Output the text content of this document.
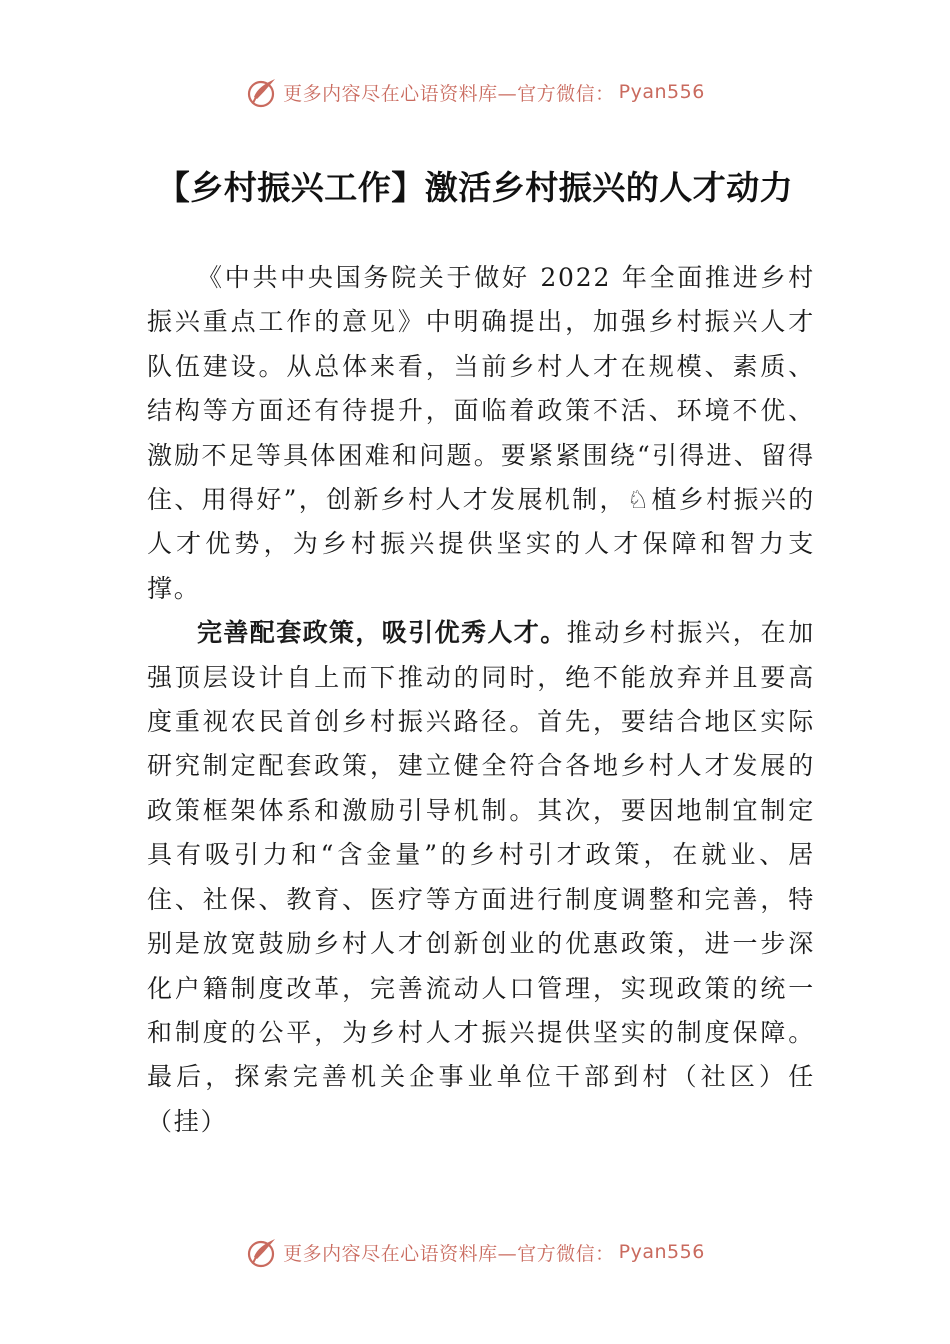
更多内容尽在心语资料库—官方微信： Pyan556
【乡村振兴工作】激活乡村振兴的人才动力

《中共中央国务院关于做好 2022 年全面推进乡村振兴重点工作的意见》中明确提出，加强乡村振兴人才队伍建设。从总体来看，当前乡村人才在规模、素质、结构等方面还有待提升，面临着政策不活、环境不优、激励不足等具体困难和问题。要紧紧围绕“引得进、留得住、用得好”，创新乡村人才发展机制，♘植乡村振兴的人才优势，为乡村振兴提供坚实的人才保障和智力支撑。

完善配套政策，吸引优秀人才。推动乡村振兴，在加强顶层设计自上而下推动的同时，绝不能放弃并且要高度重视农民首创乡村振兴路径。首先，要结合地区实际研究制定配套政策，建立健全符合各地乡村人才发展的政策框架体系和激励引导机制。其次，要因地制宜制定具有吸引力和“含金量”的乡村引才政策，在就业、居住、社保、教育、医疗等方面进行制度调整和完善，特别是放宽鼓励乡村人才创新创业的优惠政策，进一步深化户籍制度改革，完善流动人口管理，实现政策的统一和制度的公平，为乡村人才振兴提供坚实的制度保障。最后，探索完善机关企事业单位干部到村（社区）任（挂）

更多内容尽在心语资料库—官方微信： Pyan556
